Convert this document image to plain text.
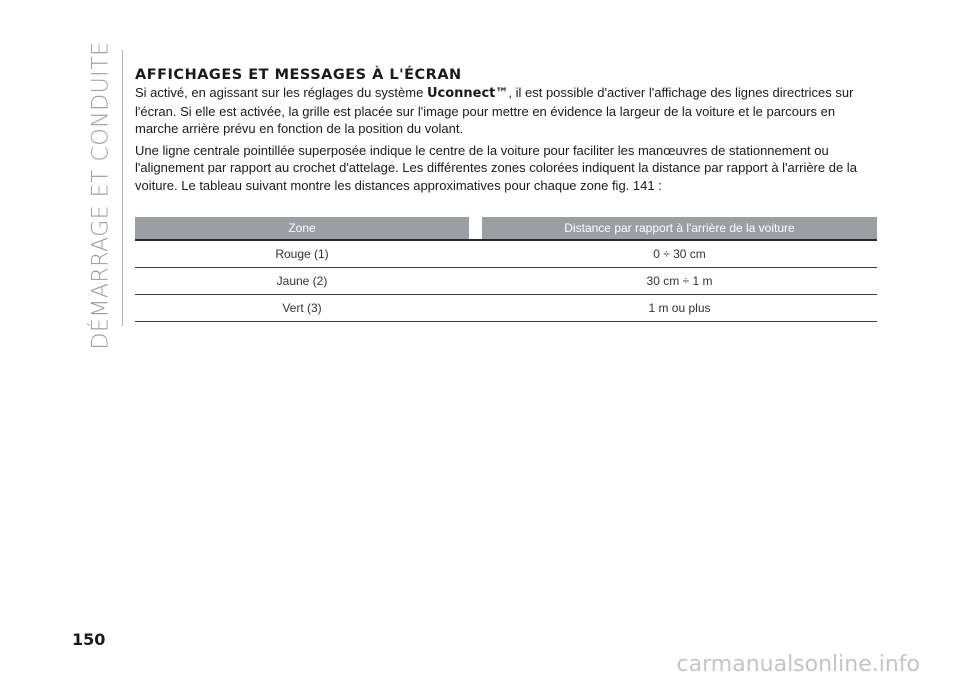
DÉMARRAGE ET CONDUITE AFFICHAGES ET MESSAGES À L'ÉCRAN

Si activé, en agissant sur les réglages du système Uconnect™, il est possible d'activer l'affichage des lignes directrices sur l'écran. Si elle est activée, la grille est placée sur l'image pour mettre en évidence la largeur de la voiture et le parcours en marche arrière prévu en fonction de la position du volant.

Une ligne centrale pointillée superposée indique le centre de la voiture pour faciliter les manœuvres de stationnement ou l'alignement par rapport au crochet d'attelage. Les différentes zones colorées indiquent la distance par rapport à l'arrière de la voiture. Le tableau suivant montre les distances approximatives pour chaque zone fig. 141 :

Zone		Distance par rapport à l'arrière de la voiture
Rouge (1)		0 ÷ 30 cm
Jaune (2)		30 cm ÷ 1 m
Vert (3)		1 m ou plus
150
carmanualsonline.info
